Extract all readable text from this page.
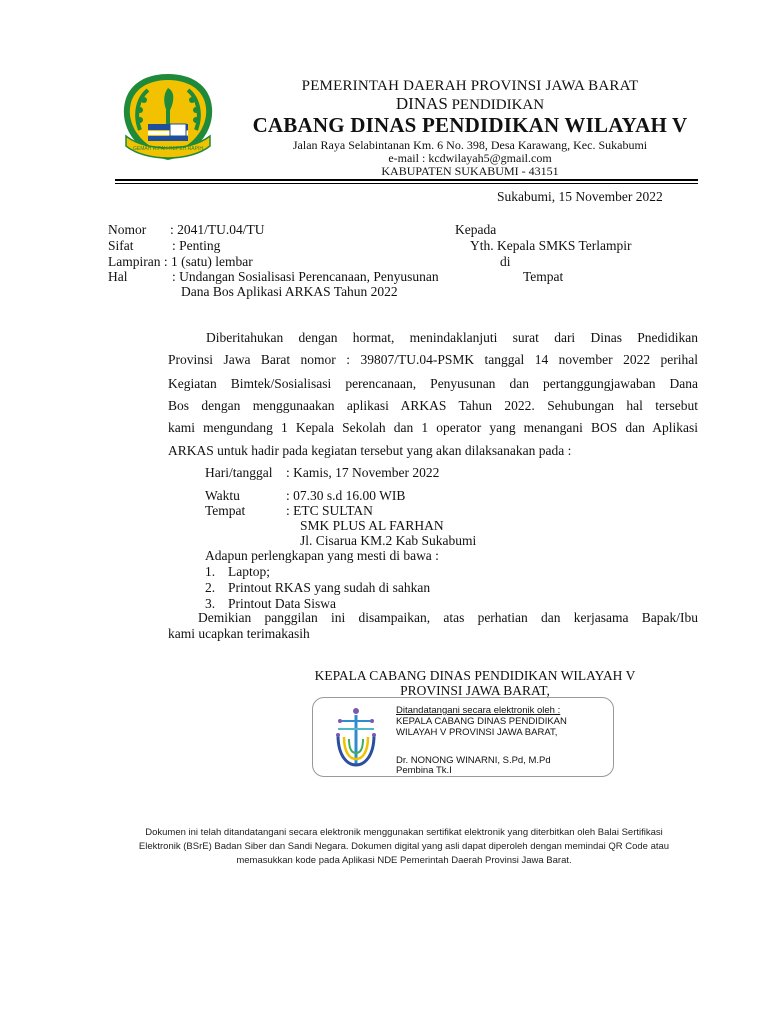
GEMAH RIPAH REPEH RAPIH
PEMERINTAH DAERAH PROVINSI JAWA BARAT
DINAS PENDIDIKAN
CABANG DINAS PENDIDIKAN WILAYAH V
Jalan Raya Selabintanan Km. 6 No. 398, Desa Karawang, Kec. Sukabumi
e-mail : kcdwilayah5@gmail.com
KABUPATEN SUKABUMI - 43151
Sukabumi, 15 November 2022
Nomor : 2041/TU.04/TU
Sifat	: Penting
Lampiran : 1 (satu) lembar
Hal	: Undangan Sosialisasi Perencanaan, Penyusunan
Dana Bos Aplikasi ARKAS Tahun 2022
Kepada
Yth. Kepala SMKS Terlampir
di
Tempat
Diberitahukan dengan hormat, menindaklanjuti surat dari Dinas Pnedidikan
Provinsi Jawa Barat nomor : 39807/TU.04-PSMK tanggal 14 november 2022 perihal
Kegiatan Bimtek/Sosialisasi perencanaan, Penyusunan dan pertanggungjawaban Dana
Bos dengan menggunaakan aplikasi ARKAS Tahun 2022. Sehubungan hal tersebut
kami mengundang 1 Kepala Sekolah dan 1 operator yang menangani BOS dan Aplikasi
ARKAS untuk hadir pada kegiatan tersebut yang akan dilaksanakan pada :
Hari/tanggal : Kamis, 17 November 2022
Waktu	: 07.30 s.d 16.00 WIB
Tempat	: ETC SULTAN
SMK PLUS AL FARHAN
Jl. Cisarua KM.2 Kab Sukabumi
Adapun perlengkapan yang mesti di bawa :
1. Laptop;
2. Printout RKAS yang sudah di sahkan
3. Printout Data Siswa
Demikian panggilan ini disampaikan, atas perhatian dan kerjasama Bapak/Ibu
kami ucapkan terimakasih
KEPALA CABANG DINAS PENDIDIKAN WILAYAH V
PROVINSI JAWA BARAT,
Ditandatangani secara elektronik oleh :
KEPALA CABANG DINAS PENDIDIKAN
WILAYAH V PROVINSI JAWA BARAT,
Dr. NONONG WINARNI, S.Pd, M.Pd
Pembina Tk.I
Dokumen ini telah ditandatangani secara elektronik menggunakan sertifikat elektronik yang diterbitkan oleh Balai Sertifikasi
Elektronik (BSrE) Badan Siber dan Sandi Negara. Dokumen digital yang asli dapat diperoleh dengan memindai QR Code atau
memasukkan kode pada Aplikasi NDE Pemerintah Daerah Provinsi Jawa Barat.
